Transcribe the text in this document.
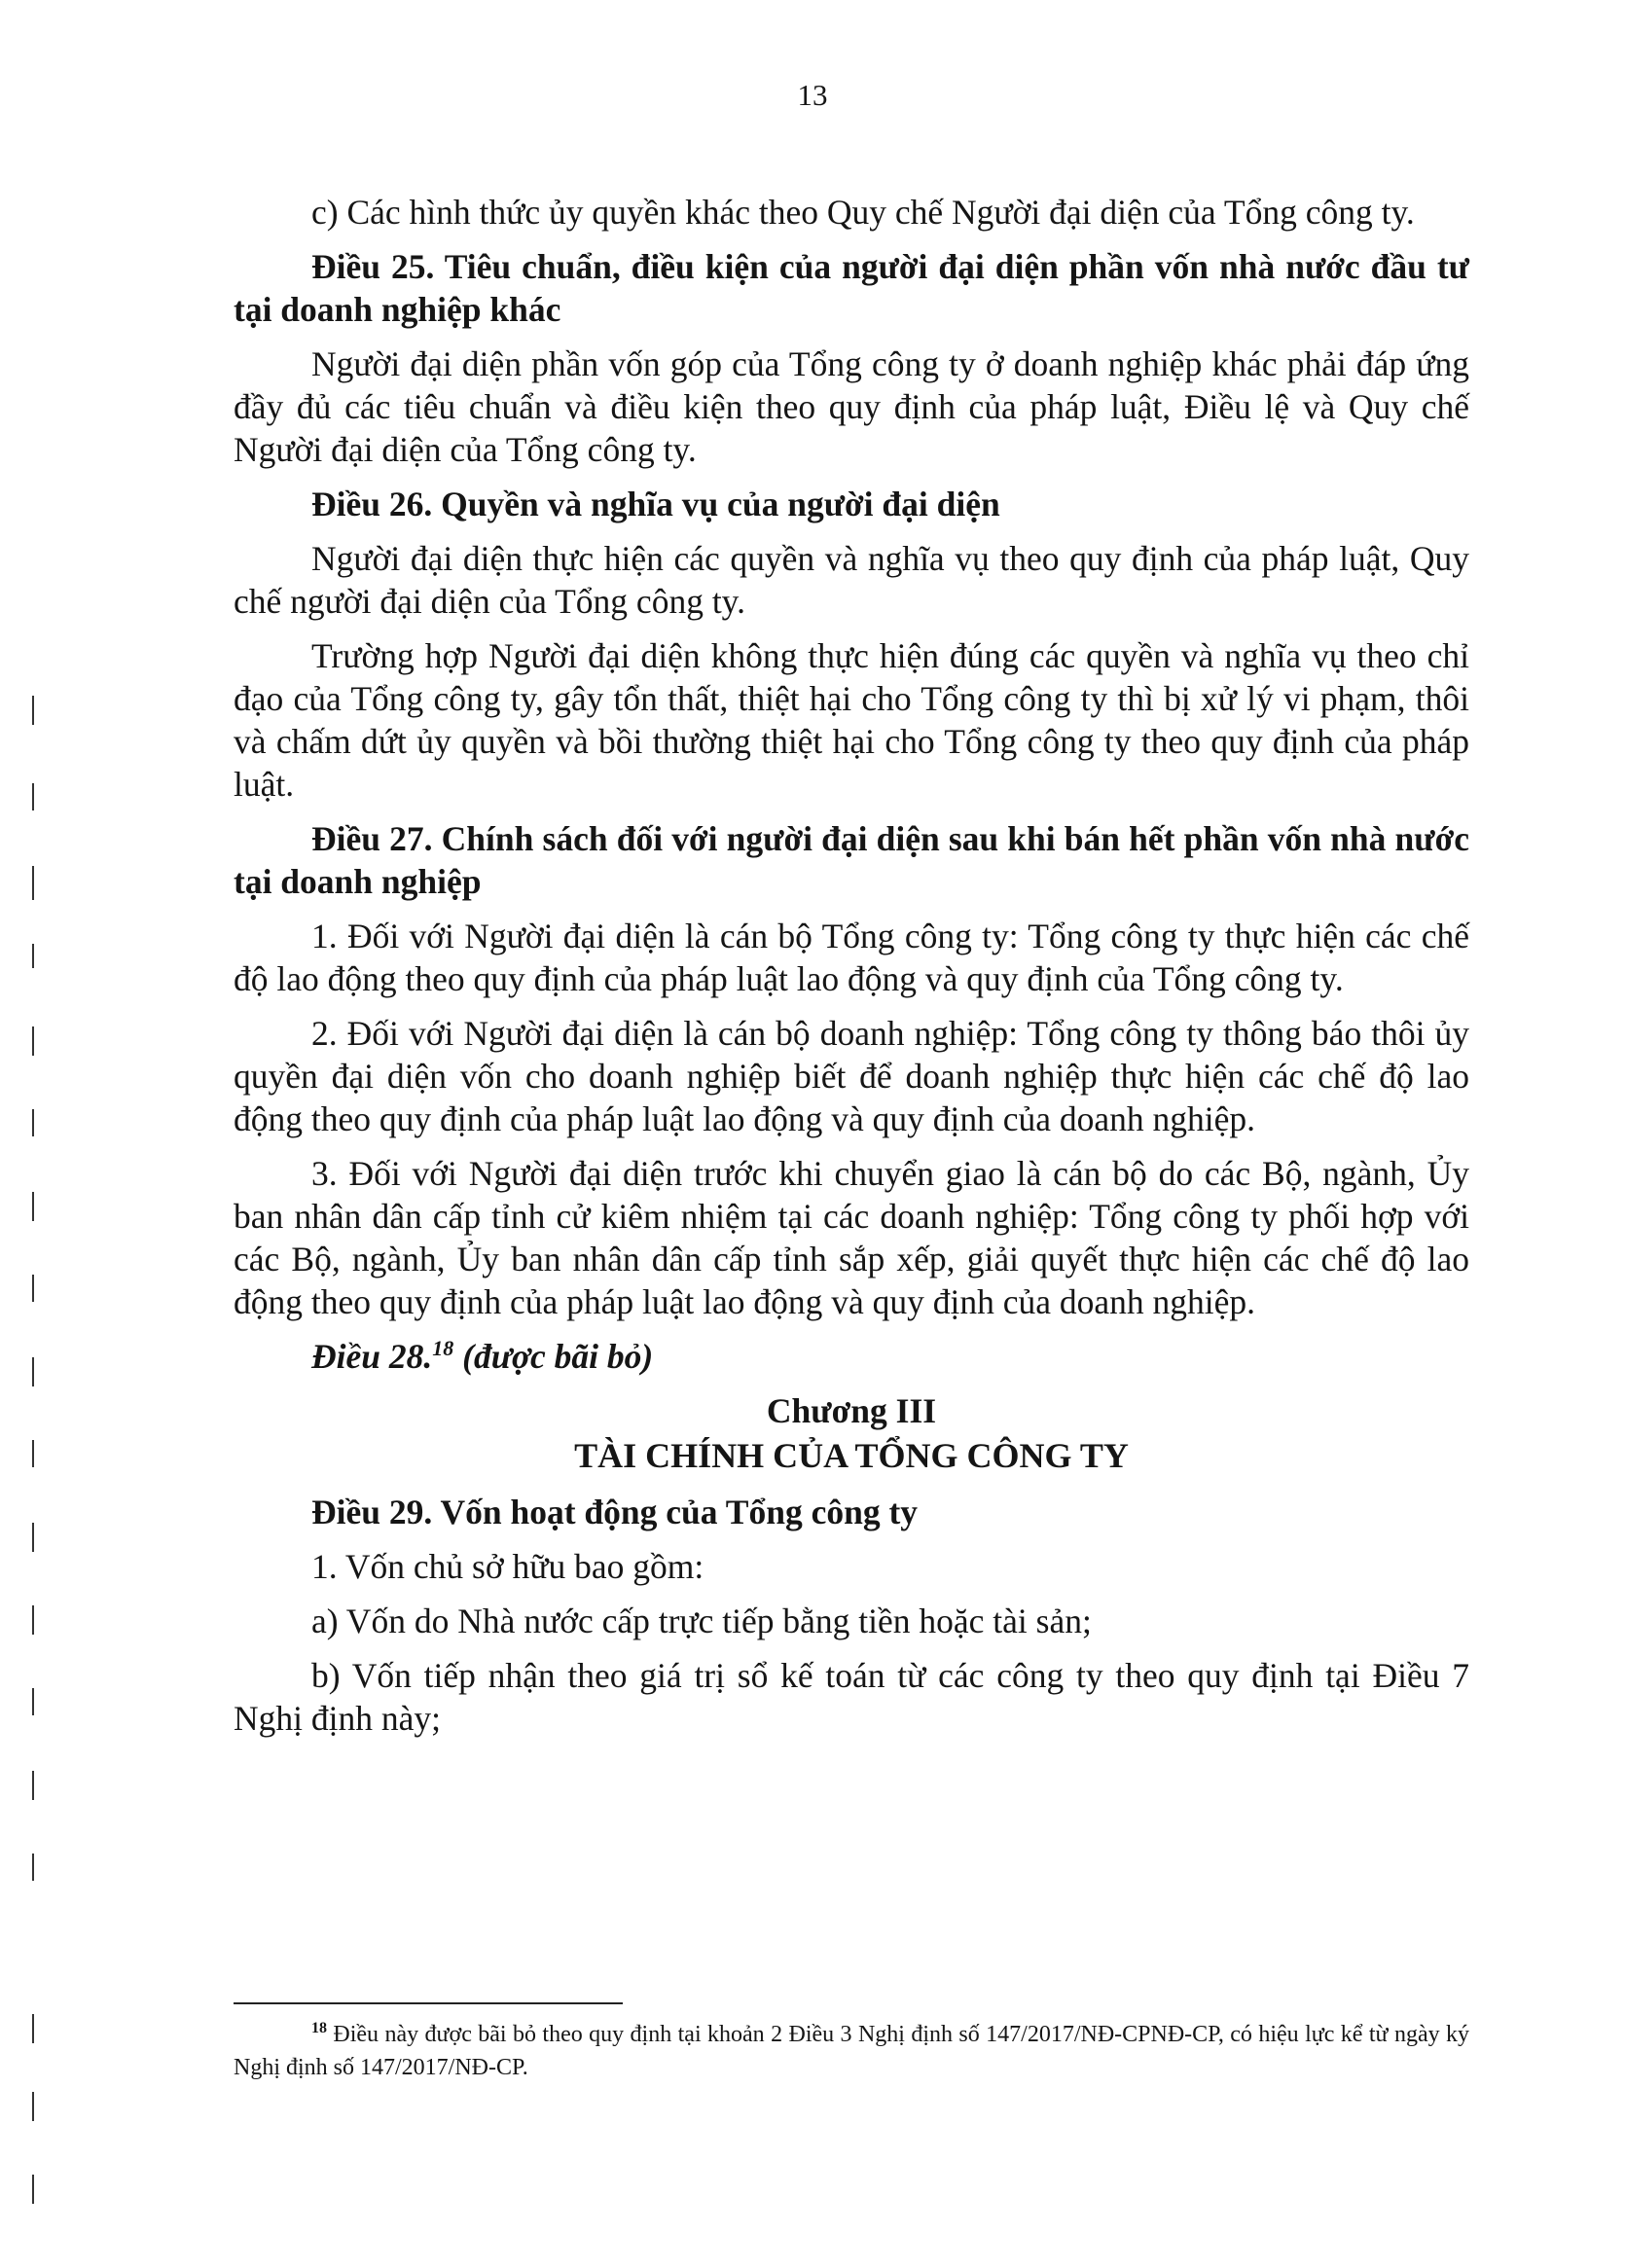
13

c) Các hình thức ủy quyền khác theo Quy chế Người đại diện của Tổng công ty.

Điều 25. Tiêu chuẩn, điều kiện của người đại diện phần vốn nhà nước đầu tư tại doanh nghiệp khác

Người đại diện phần vốn góp của Tổng công ty ở doanh nghiệp khác phải đáp ứng đầy đủ các tiêu chuẩn và điều kiện theo quy định của pháp luật, Điều lệ và Quy chế Người đại diện của Tổng công ty.

Điều 26. Quyền và nghĩa vụ của người đại diện

Người đại diện thực hiện các quyền và nghĩa vụ theo quy định của pháp luật, Quy chế người đại diện của Tổng công ty.

Trường hợp Người đại diện không thực hiện đúng các quyền và nghĩa vụ theo chỉ đạo của Tổng công ty, gây tổn thất, thiệt hại cho Tổng công ty thì bị xử lý vi phạm, thôi và chấm dứt ủy quyền và bồi thường thiệt hại cho Tổng công ty theo quy định của pháp luật.

Điều 27. Chính sách đối với người đại diện sau khi bán hết phần vốn nhà nước tại doanh nghiệp

1. Đối với Người đại diện là cán bộ Tổng công ty: Tổng công ty thực hiện các chế độ lao động theo quy định của pháp luật lao động và quy định của Tổng công ty.

2. Đối với Người đại diện là cán bộ doanh nghiệp: Tổng công ty thông báo thôi ủy quyền đại diện vốn cho doanh nghiệp biết để doanh nghiệp thực hiện các chế độ lao động theo quy định của pháp luật lao động và quy định của doanh nghiệp.

3. Đối với Người đại diện trước khi chuyển giao là cán bộ do các Bộ, ngành, Ủy ban nhân dân cấp tỉnh cử kiêm nhiệm tại các doanh nghiệp: Tổng công ty phối hợp với các Bộ, ngành, Ủy ban nhân dân cấp tỉnh sắp xếp, giải quyết thực hiện các chế độ lao động theo quy định của pháp luật lao động và quy định của doanh nghiệp.

Điều 28.18 (được bãi bỏ)

Chương III
TÀI CHÍNH CỦA TỔNG CÔNG TY

Điều 29. Vốn hoạt động của Tổng công ty

1. Vốn chủ sở hữu bao gồm:

a) Vốn do Nhà nước cấp trực tiếp bằng tiền hoặc tài sản;

b) Vốn tiếp nhận theo giá trị sổ kế toán từ các công ty theo quy định tại Điều 7 Nghị định này;

$^{18}$ Điều này được bãi bỏ theo quy định tại khoản 2 Điều 3 Nghị định số 147/2017/NĐ-CPNĐ-CP, có hiệu lực kể từ ngày ký Nghị định số 147/2017/NĐ-CP.
